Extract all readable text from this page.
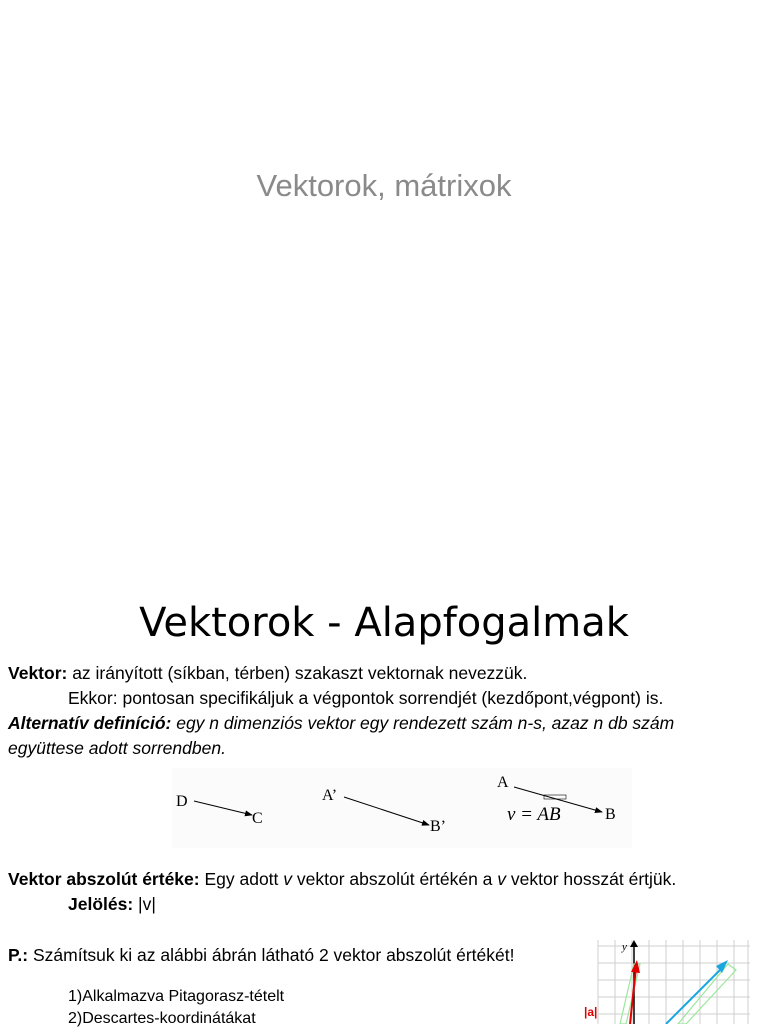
Vektorok, mátrixok
Vektorok - Alapfogalmak
Vektor: az irányított (síkban, térben) szakaszt vektornak nevezzük.
Ekkor: pontosan specifikáljuk a végpontok sorrendjét (kezdőpont,végpont) is.
Alternatív definíció: egy n dimenziós vektor egy rendezett szám n-s, azaz n db szám
együttese adott sorrendben.
D
C
A’
B’
A
v = AB	B
Vektor abszolút értéke: Egy adott v vektor abszolút értékén a v vektor hosszát értjük.
Jelölés: |v|
P.: Számítsuk ki az alábbi ábrán látható 2 vektor abszolút értékét!
1)Alkalmazva Pitagorasz-tételt
2)Descartes-koordinátákat
y
|a|
